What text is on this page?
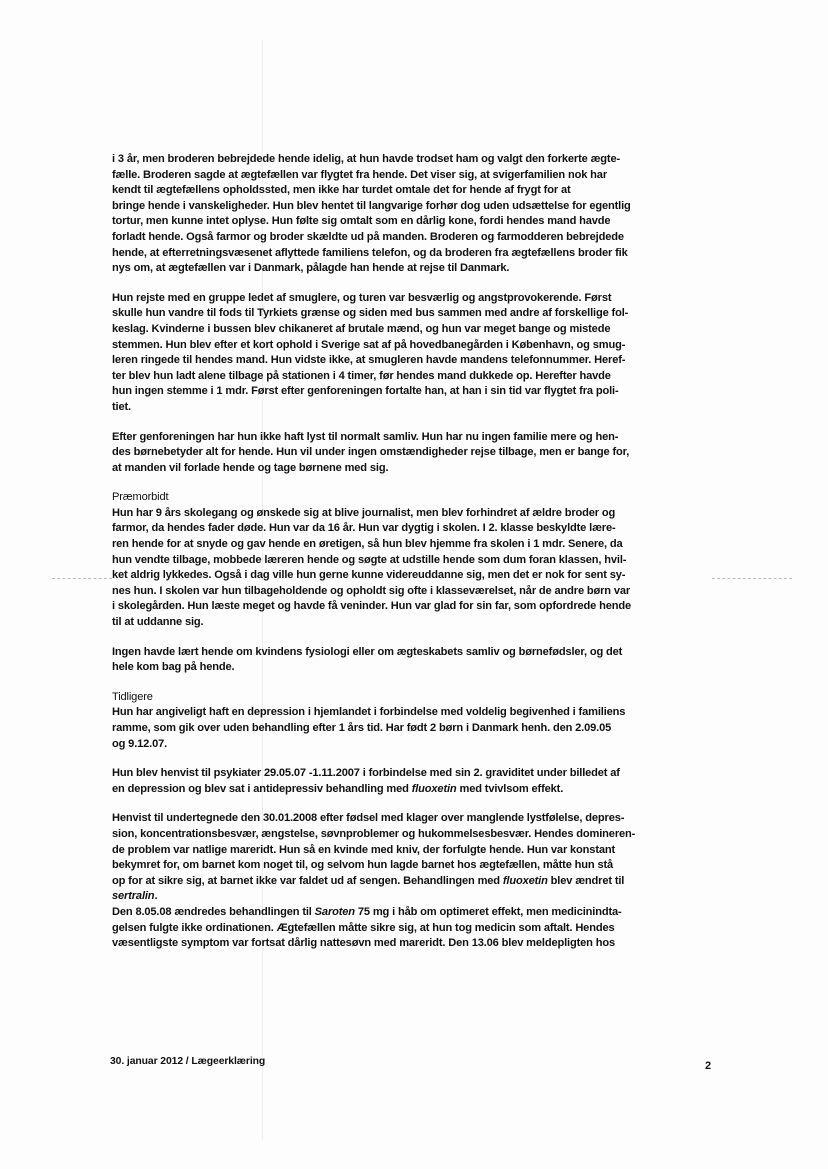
i 3 år, men broderen bebrejdede hende idelig, at hun havde trodset ham og valgt den forkerte ægte-
fælle. Broderen sagde at ægtefællen var flygtet fra hende. Det viser sig, at svigerfamilien nok har
kendt til ægtefællens opholdssted, men ikke har turdet omtale det for hende af frygt for at
bringe hende i vanskeligheder. Hun blev hentet til langvarige forhør dog uden udsættelse for egentlig
tortur, men kunne intet oplyse. Hun følte sig omtalt som en dårlig kone, fordi hendes mand havde
forladt hende. Også farmor og broder skældte ud på manden. Broderen og farmodderen bebrejdede
hende, at efterretningsvæsenet aflyttede familiens telefon, og da broderen fra ægtefællens broder fik
nys om, at ægtefællen var i Danmark, pålagde han hende at rejse til Danmark.

Hun rejste med en gruppe ledet af smuglere, og turen var besværlig og angstprovokerende. Først
skulle hun vandre til fods til Tyrkiets grænse og siden med bus sammen med andre af forskellige fol-
keslag. Kvinderne i bussen blev chikaneret af brutale mænd, og hun var meget bange og mistede
stemmen. Hun blev efter et kort ophold i Sverige sat af på hovedbanegården i København, og smug-
leren ringede til hendes mand. Hun vidste ikke, at smugleren havde mandens telefonnummer. Heref-
ter blev hun ladt alene tilbage på stationen i 4 timer, før hendes mand dukkede op. Herefter havde
hun ingen stemme i 1 mdr. Først efter genforeningen fortalte han, at han i sin tid var flygtet fra poli-
tiet.

Efter genforeningen har hun ikke haft lyst til normalt samliv. Hun har nu ingen familie mere og hen-
des børnebetyder alt for hende. Hun vil under ingen omstændigheder rejse tilbage, men er bange for,
at manden vil forlade hende og tage børnene med sig.

Præmorbidt

Hun har 9 års skolegang og ønskede sig at blive journalist, men blev forhindret af ældre broder og
farmor, da hendes fader døde. Hun var da 16 år. Hun var dygtig i skolen. I 2. klasse beskyldte lære-
ren hende for at snyde og gav hende en øretigen, så hun blev hjemme fra skolen i 1 mdr. Senere, da
hun vendte tilbage, mobbede læreren hende og søgte at udstille hende som dum foran klassen, hvil-
ket aldrig lykkedes. Også i dag ville hun gerne kunne videreuddanne sig, men det er nok for sent sy-
nes hun. I skolen var hun tilbageholdende og opholdt sig ofte i klasseværelset, når de andre børn var
i skolegården. Hun læste meget og havde få veninder. Hun var glad for sin far, som opfordrede hende
til at uddanne sig.

Ingen havde lært hende om kvindens fysiologi eller om ægteskabets samliv og børnefødsler, og det
hele kom bag på hende.

Tidligere

Hun har angiveligt haft en depression i hjemlandet i forbindelse med voldelig begivenhed i familiens
ramme, som gik over uden behandling efter 1 års tid. Har født 2 børn i Danmark henh. den 2.09.05
og 9.12.07.

Hun blev henvist til psykiater 29.05.07 -1.11.2007 i forbindelse med sin 2. graviditet under billedet af
en depression og blev sat i antidepressiv behandling med fluoxetin med tvivlsom effekt.

Henvist til undertegnede den 30.01.2008 efter fødsel med klager over manglende lystfølelse, depres-
sion, koncentrationsbesvær, ængstelse, søvnproblemer og hukommelsesbesvær. Hendes domineren-
de problem var natlige mareridt. Hun så en kvinde med kniv, der forfulgte hende. Hun var konstant
bekymret for, om barnet kom noget til, og selvom hun lagde barnet hos ægtefællen, måtte hun stå
op for at sikre sig, at barnet ikke var faldet ud af sengen. Behandlingen med fluoxetin blev ændret til
sertralin.

Den 8.05.08 ændredes behandlingen til Saroten 75 mg i håb om optimeret effekt, men medicinindta-
gelsen fulgte ikke ordinationen. Ægtefællen måtte sikre sig, at hun tog medicin som aftalt. Hendes
væsentligste symptom var fortsat dårlig nattesøvn med mareridt. Den 13.06 blev meldepligten hos

30. januar 2012 / Lægeerklæring	2
